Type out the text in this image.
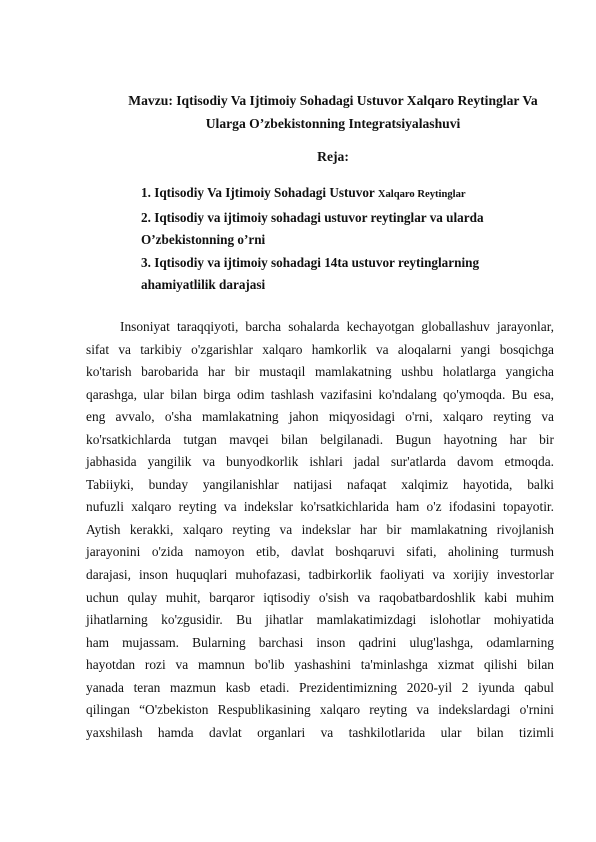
Mavzu: Iqtisodiy Va Ijtimoiy Sohadagi Ustuvor Xalqaro Reytinglar Va
Ularga O’zbekistonning Integratsiyalashuvi
Reja:
1. Iqtisodiy Va Ijtimoiy Sohadagi Ustuvor Xalqaro Reytinglar
2. Iqtisodiy va ijtimoiy sohadagi ustuvor reytinglar va ularda
O’zbekistonning o’rni
3. Iqtisodiy va ijtimoiy sohadagi 14ta ustuvor reytinglarning
ahamiyatlilik darajasi
Insoniyat taraqqiyoti, barcha sohalarda kechayotgan globallashuv jarayonlar,
sifat va tarkibiy o'zgarishlar xalqaro hamkorlik va aloqalarni yangi bosqichga
ko'tarish barobarida har bir mustaqil mamlakatning ushbu holatlarga yangicha
qarashga, ular bilan birga odim tashlash vazifasini ko'ndalang qo'ymoqda. Bu esa,
eng avvalo, o'sha mamlakatning jahon miqyosidagi o'rni, xalqaro reyting va
ko'rsatkichlarda tutgan mavqei bilan belgilanadi. Bugun hayotning har bir
jabhasida yangilik va bunyodkorlik ishlari jadal sur'atlarda davom etmoqda.
Tabiiyki, bunday yangilanishlar natijasi nafaqat xalqimiz hayotida, balki
nufuzli xalqaro reyting va indekslar ko'rsatkichlarida ham o'z ifodasini topayotir.
Aytish kerakki, xalqaro reyting va indekslar har bir mamlakatning rivojlanish
jarayonini o'zida namoyon etib, davlat boshqaruvi sifati, aholining turmush
darajasi, inson huquqlari muhofazasi, tadbirkorlik faoliyati va xorijiy investorlar
uchun qulay muhit, barqaror iqtisodiy o'sish va raqobatbardoshlik kabi muhim
jihatlarning ko'zgusidir. Bu jihatlar mamlakatimizdagi islohotlar mohiyatida
ham mujassam. Bularning barchasi inson qadrini ulug'lashga, odamlarning
hayotdan rozi va mamnun bo'lib yashashini ta'minlashga xizmat qilishi bilan
yanada teran mazmun kasb etadi. Prezidentimizning 2020-yil 2 iyunda qabul
qilingan “O'zbekiston Respublikasining xalqaro reyting va indekslardagi o'rnini
yaxshilash hamda davlat organlari va tashkilotlarida ular bilan tizimli
